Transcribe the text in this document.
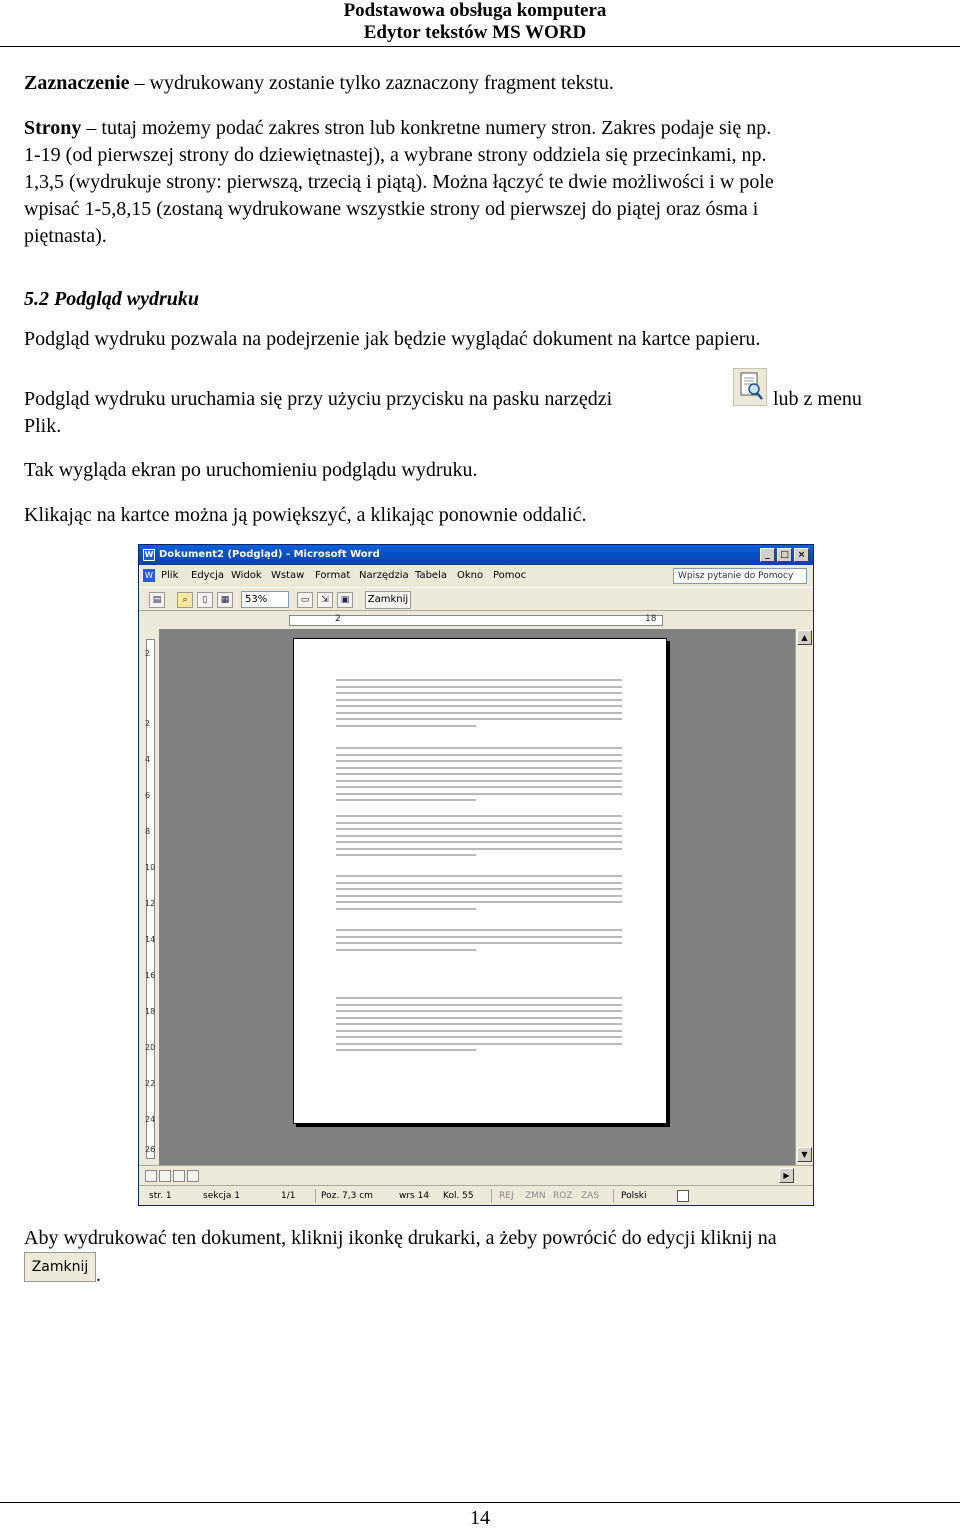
Podstawowa obsługa komputera
Edytor tekstów MS WORD
Zaznaczenie – wydrukowany zostanie tylko zaznaczony fragment tekstu.
Strony – tutaj możemy podać zakres stron lub konkretne numery stron. Zakres podaje się np.
1-19 (od pierwszej strony do dziewiętnastej), a wybrane strony oddziela się przecinkami, np.
1,3,5 (wydrukuje strony: pierwszą, trzecią i piątą). Można łączyć te dwie możliwości i w pole
wpisać 1-5,8,15 (zostaną wydrukowane wszystkie strony od pierwszej do piątej oraz ósma i
piętnasta).
5.2 Podgląd wydruku
Podgląd wydruku pozwala na podejrzenie jak będzie wyglądać dokument na kartce papieru.
Podgląd wydruku uruchamia się przy użyciu przycisku na pasku narzędzi	lub z menu
Plik.
Tak wygląda ekran po uruchomieniu podglądu wydruku.
Klikając na kartce można ją powiększyć, a klikając ponownie oddalić.
W Dokument2 (Podgląd) - Microsoft Word	_	□ ×
W Plik Edycja Widok Wstaw Format Narzędzia Tabela Okno Pomoc	Wpisz pytanie do Pomocy
▤	⌕	▯	▦	53%	▭	⇲	▣	Zamknij
2	18
2
2
4
6
8
10
12
14
16
18
20
22
24
26
▲
▼
▶
str. 1	sekcja 1	1/1	Poz. 7,3 cm	wrs 14 Kol. 55	REJ ZMN ROZ ZAS Polski
Aby wydrukować ten dokument, kliknij ikonkę drukarki, a żeby powrócić do edycji kliknij na
Zamknij .
14
